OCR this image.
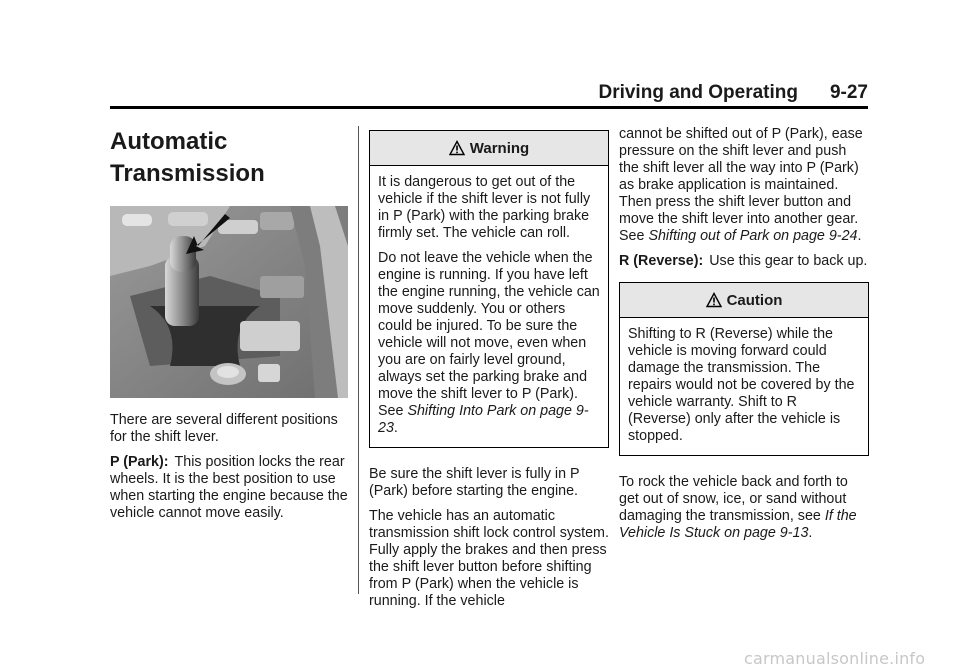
Driving and Operating 9-27
Automatic
Transmission

There are several different positions for the shift lever.

P (Park): This position locks the rear wheels. It is the best position to use when starting the engine because the vehicle cannot move easily.

Warning

It is dangerous to get out of the vehicle if the shift lever is not fully in P (Park) with the parking brake firmly set. The vehicle can roll.

Do not leave the vehicle when the engine is running. If you have left the engine running, the vehicle can move suddenly. You or others could be injured. To be sure the vehicle will not move, even when you are on fairly level ground, always set the parking brake and move the shift lever to P (Park). See Shifting Into Park on page 9-23.

Be sure the shift lever is fully in P (Park) before starting the engine.

The vehicle has an automatic transmission shift lock control system. Fully apply the brakes and then press the shift lever button before shifting from P (Park) when the vehicle is running. If the vehicle

cannot be shifted out of P (Park), ease pressure on the shift lever and push the shift lever all the way into P (Park) as brake application is maintained. Then press the shift lever button and move the shift lever into another gear. See Shifting out of Park on page 9-24.

R (Reverse): Use this gear to back up.

Caution

Shifting to R (Reverse) while the vehicle is moving forward could damage the transmission. The repairs would not be covered by the vehicle warranty. Shift to R (Reverse) only after the vehicle is stopped.

To rock the vehicle back and forth to get out of snow, ice, or sand without damaging the transmission, see If the Vehicle Is Stuck on page 9-13.

carmanualsonline.info
